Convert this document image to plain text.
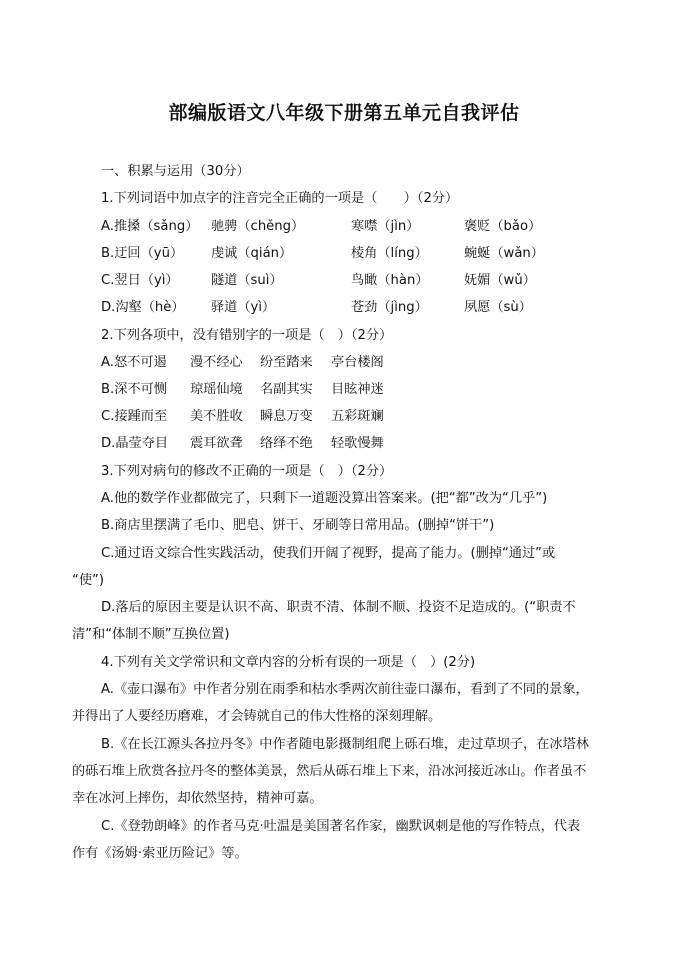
部编版语文八年级下册第五单元自我评估
一、积累与运用（30分）
1.下列词语中加点字的注音完全正确的一项是（　　）（2分）
A.推搡（sǎng） 驰骋（chěng）	寒噤（jìn）	褒贬（bǎo）
B.迂回（yū） 虔诚（qián）	棱角（líng）	蜿蜒（wǎn）
C.翌日（yì） 隧道（suì）	鸟瞰（hàn）	妩媚（wǔ）
D.沟壑（hè） 驿道（yì）	苍劲（jìng）	夙愿（sù）
2.下列各项中，没有错别字的一项是（　）（2分）
A.怒不可遏 漫不经心 纷至踏来 亭台楼阁
B.深不可恻 琼瑶仙境 名副其实 目眩神迷
C.接踵而至 美不胜收 瞬息万变 五彩斑斓
D.晶莹夺目 震耳欲聋 络绎不绝 轻歌慢舞
3.下列对病句的修改不正确的一项是（　）（2分）
A.他的数学作业都做完了，只剩下一道题没算出答案来。(把“都”改为“几乎”)
B.商店里摆满了毛巾、肥皂、饼干、牙刷等日常用品。(删掉“饼干”)
C.通过语文综合性实践活动，使我们开阔了视野，提高了能力。(删掉“通过”或
“使”)
D.落后的原因主要是认识不高、职责不清、体制不顺、投资不足造成的。(“职责不
清”和“体制不顺”互换位置)
4.下列有关文学常识和文章内容的分析有误的一项是（　）(2分)
A.《壶口瀑布》中作者分别在雨季和枯水季两次前往壶口瀑布，看到了不同的景象，
并得出了人要经历磨难，才会铸就自己的伟大性格的深刻理解。
B.《在长江源头各拉丹冬》中作者随电影摄制组爬上砾石堆，走过草坝子，在冰塔林
的砾石堆上欣赏各拉丹冬的整体美景，然后从砾石堆上下来，沿冰河接近冰山。作者虽不
幸在冰河上摔伤，却依然坚持，精神可嘉。
C.《登勃朗峰》的作者马克·吐温是美国著名作家，幽默讽刺是他的写作特点，代表
作有《汤姆·索亚历险记》等。
